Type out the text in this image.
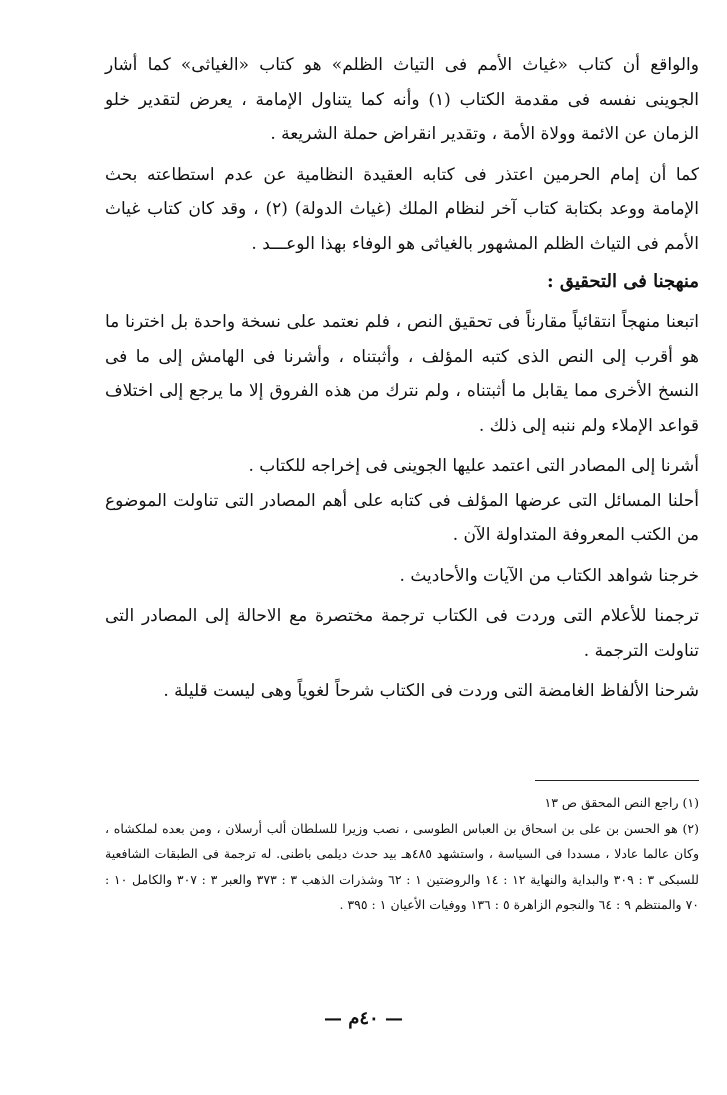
والواقع أن كتاب «غياث الأمم فى التياث الظلم» هو كتاب «الغياثى» كما أشار الجوينى نفسه فى مقدمة الكتاب (١) وأنه كما يتناول الإمامة ، يعرض لتقدير خلو الزمان عن الائمة وولاة الأمة ، وتقدير انقراض حملة الشريعة .

كما أن إمام الحرمين اعتذر فى كتابه العقيدة النظامية عن عدم استطاعته بحث الإمامة ووعد بكتابة كتاب آخر لنظام الملك (غياث الدولة) (٢) ، وقد كان كتاب غياث الأمم فى التياث الظلم المشهور بالغياثى هو الوفاء بهذا الوعـــد .

منهجنا فى التحقيق :

اتبعنا منهجاً انتقائياً مقارناً فى تحقيق النص ، فلم نعتمد على نسخة واحدة بل اخترنا ما هو أقرب إلى النص الذى كتبه المؤلف ، وأثبتناه ، وأشرنا فى الهامش إلى ما فى النسخ الأخرى مما يقابل ما أثبتناه ، ولم نترك من هذه الفروق إلا ما يرجع إلى اختلاف قواعد الإملاء ولم ننبه إلى ذلك .

أشرنا إلى المصادر التى اعتمد عليها الجوينى فى إخراجه للكتاب .

أحلنا المسائل التى عرضها المؤلف فى كتابه على أهم المصادر التى تناولت الموضوع من الكتب المعروفة المتداولة الآن .

خرجنا شواهد الكتاب من الآيات والأحاديث .

ترجمنا للأعلام التى وردت فى الكتاب ترجمة مختصرة مع الاحالة إلى المصادر التى تناولت الترجمة .

شرحنا الألفاظ الغامضة التى وردت فى الكتاب شرحاً لغوياً وهى ليست قليلة .

(١) راجع النص المحقق ص ١٣

(٢) هو الحسن بن على بن اسحاق بن العباس الطوسى ، نصب وزيرا للسلطان ألب أرسلان ، ومن بعده لملكشاه ، وكان عالما عادلا ، مسددا فى السياسة ، واستشهد ٤٨٥هـ بيد حدث ديلمى باطنى. له ترجمة فى الطبقات الشافعية للسبكى ٣ : ٣٠٩ والبداية والنهاية ١٢ : ١٤ والروضتين ١ : ٦٢ وشذرات الذهب ٣ : ٣٧٣ والعبر ٣ : ٣٠٧ والكامل ١٠ : ٧٠ والمنتظم ٩ : ٦٤ والنجوم الزاهرة ٥ : ١٣٦ ووفيات الأعيان ١ : ٣٩٥ .

— ٤٠م —
